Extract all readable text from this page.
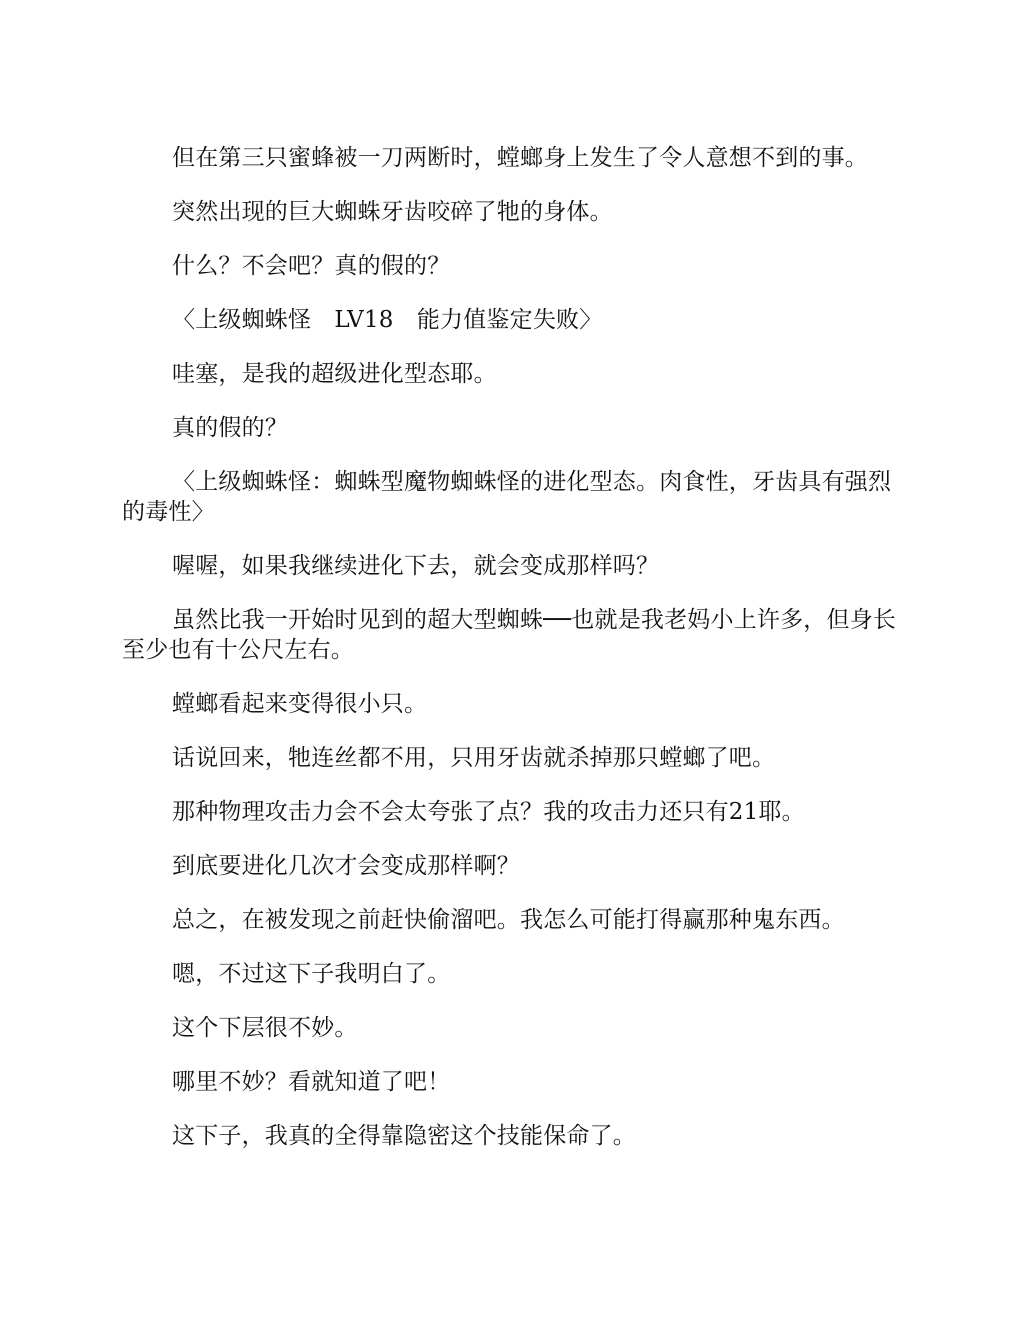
但在第三只蜜蜂被一刀两断时，螳螂身上发生了令人意想不到的事。

突然出现的巨大蜘蛛牙齿咬碎了牠的身体。

什么？不会吧？真的假的？

〈上级蜘蛛怪　LV18　能力值鉴定失败〉

哇塞，是我的超级进化型态耶。

真的假的？

〈上级蜘蛛怪：蜘蛛型魔物蜘蛛怪的进化型态。肉食性，牙齿具有强烈的毒性〉

喔喔，如果我继续进化下去，就会变成那样吗？

虽然比我一开始时见到的超大型蜘蛛──也就是我老妈小上许多，但身长至少也有十公尺左右。

螳螂看起来变得很小只。

话说回来，牠连丝都不用，只用牙齿就杀掉那只螳螂了吧。

那种物理攻击力会不会太夸张了点？我的攻击力还只有21耶。

到底要进化几次才会变成那样啊？

总之，在被发现之前赶快偷溜吧。我怎么可能打得赢那种鬼东西。

嗯，不过这下子我明白了。

这个下层很不妙。

哪里不妙？看就知道了吧！

这下子，我真的全得靠隐密这个技能保命了。
